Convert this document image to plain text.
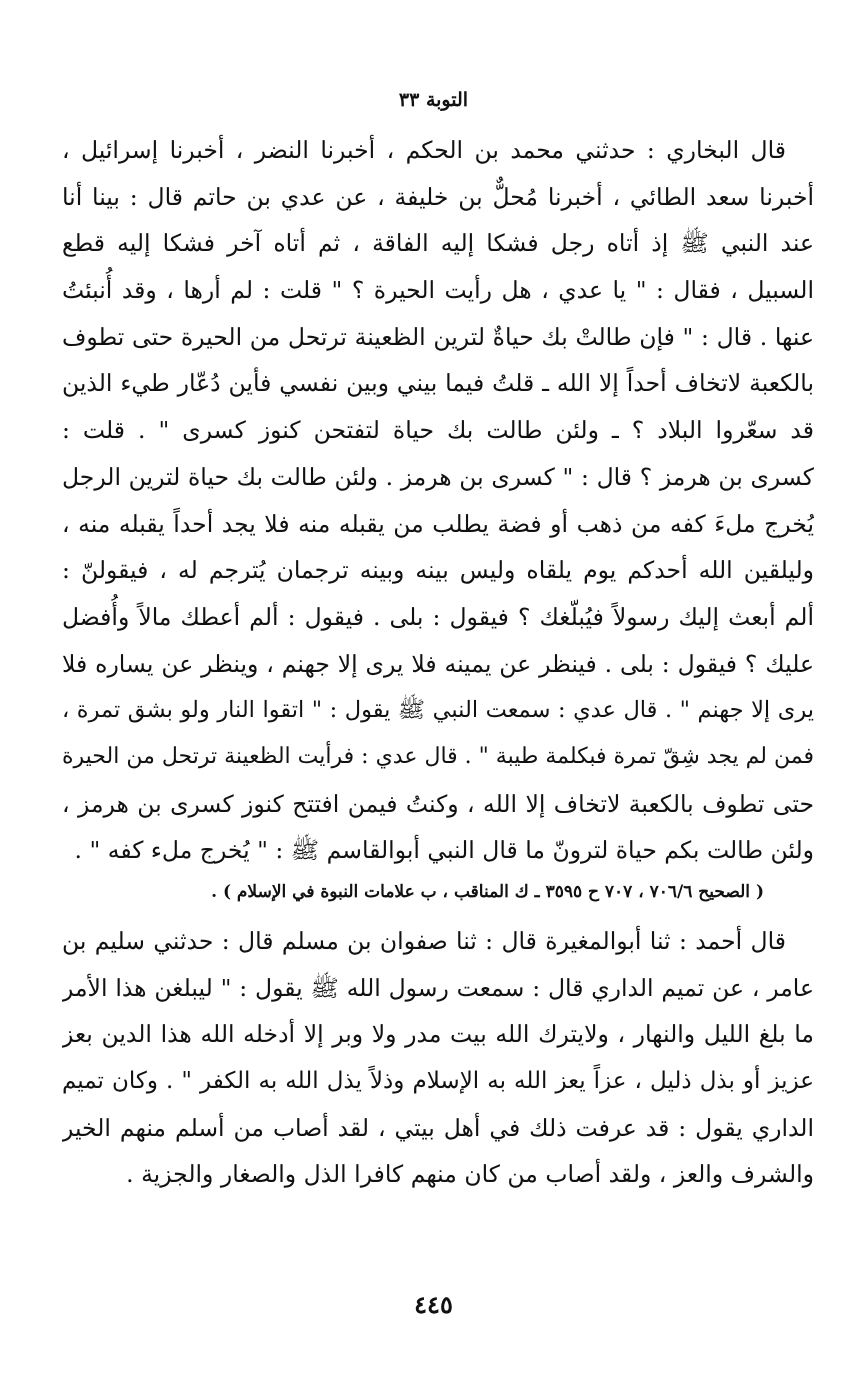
التوبة ٣٣
قال البخاري : حدثني محمد بن الحكم ، أخبرنا النضر ، أخبرنا إسرائيل ،
أخبرنا سعد الطائي ، أخبرنا مُحلٌّ بن خليفة ، عن عدي بن حاتم قال : بينا أنا
عند النبي ﷺ إذ أتاه رجل فشكا إليه الفاقة ، ثم أتاه آخر فشكا إليه قطع
السبيل ، فقال : " يا عدي ، هل رأيت الحيرة ؟ " قلت : لم أرها ، وقد أُنبئتُ
عنها . قال : " فإن طالتْ بك حياةٌ لترين الظعينة ترتحل من الحيرة حتى تطوف
بالكعبة لاتخاف أحداً إلا الله ـ قلتُ فيما بيني وبين نفسي فأين دُعّار طيء الذين
قد سعّروا البلاد ؟ ـ ولئن طالت بك حياة لتفتحن كنوز كسرى " . قلت :
كسرى بن هرمز ؟ قال : " كسرى بن هرمز . ولئن طالت بك حياة لترين الرجل
يُخرج ملءَ كفه من ذهب أو فضة يطلب من يقبله منه فلا يجد أحداً يقبله منه ،
وليلقين الله أحدكم يوم يلقاه وليس بينه وبينه ترجمان يُترجم له ، فيقولنّ :
ألم أبعث إليك رسولاً فيُبلّغك ؟ فيقول : بلى . فيقول : ألم أعطك مالاً وأُفضل
عليك ؟ فيقول : بلى . فينظر عن يمينه فلا يرى إلا جهنم ، وينظر عن يساره فلا
يرى إلا جهنم " . قال عدي : سمعت النبي ﷺ يقول : " اتقوا النار ولو بشق تمرة ،
فمن لم يجد شِقّ تمرة فبكلمة طيبة " . قال عدي : فرأيت الظعينة ترتحل من الحيرة
حتى تطوف بالكعبة لاتخاف إلا الله ، وكنتُ فيمن افتتح كنوز كسرى بن هرمز ،
ولئن طالت بكم حياة لترونّ ما قال النبي أبوالقاسم ﷺ : " يُخرج ملء كفه " .
( الصحيح ٧٠٦/٦ ، ٧٠٧ ح ٣٥٩٥ ـ ك المناقب ، ب علامات النبوة في الإسلام ) .
قال أحمد : ثنا أبوالمغيرة قال : ثنا صفوان بن مسلم قال : حدثني سليم بن
عامر ، عن تميم الداري قال : سمعت رسول الله ﷺ يقول : " ليبلغن هذا الأمر
ما بلغ الليل والنهار ، ولايترك الله بيت مدر ولا وبر إلا أدخله الله هذا الدين بعز
عزيز أو بذل ذليل ، عزاً يعز الله به الإسلام وذلاً يذل الله به الكفر " . وكان تميم
الداري يقول : قد عرفت ذلك في أهل بيتي ، لقد أصاب من أسلم منهم الخير
والشرف والعز ، ولقد أصاب من كان منهم كافرا الذل والصغار والجزية .
٤٤٥
